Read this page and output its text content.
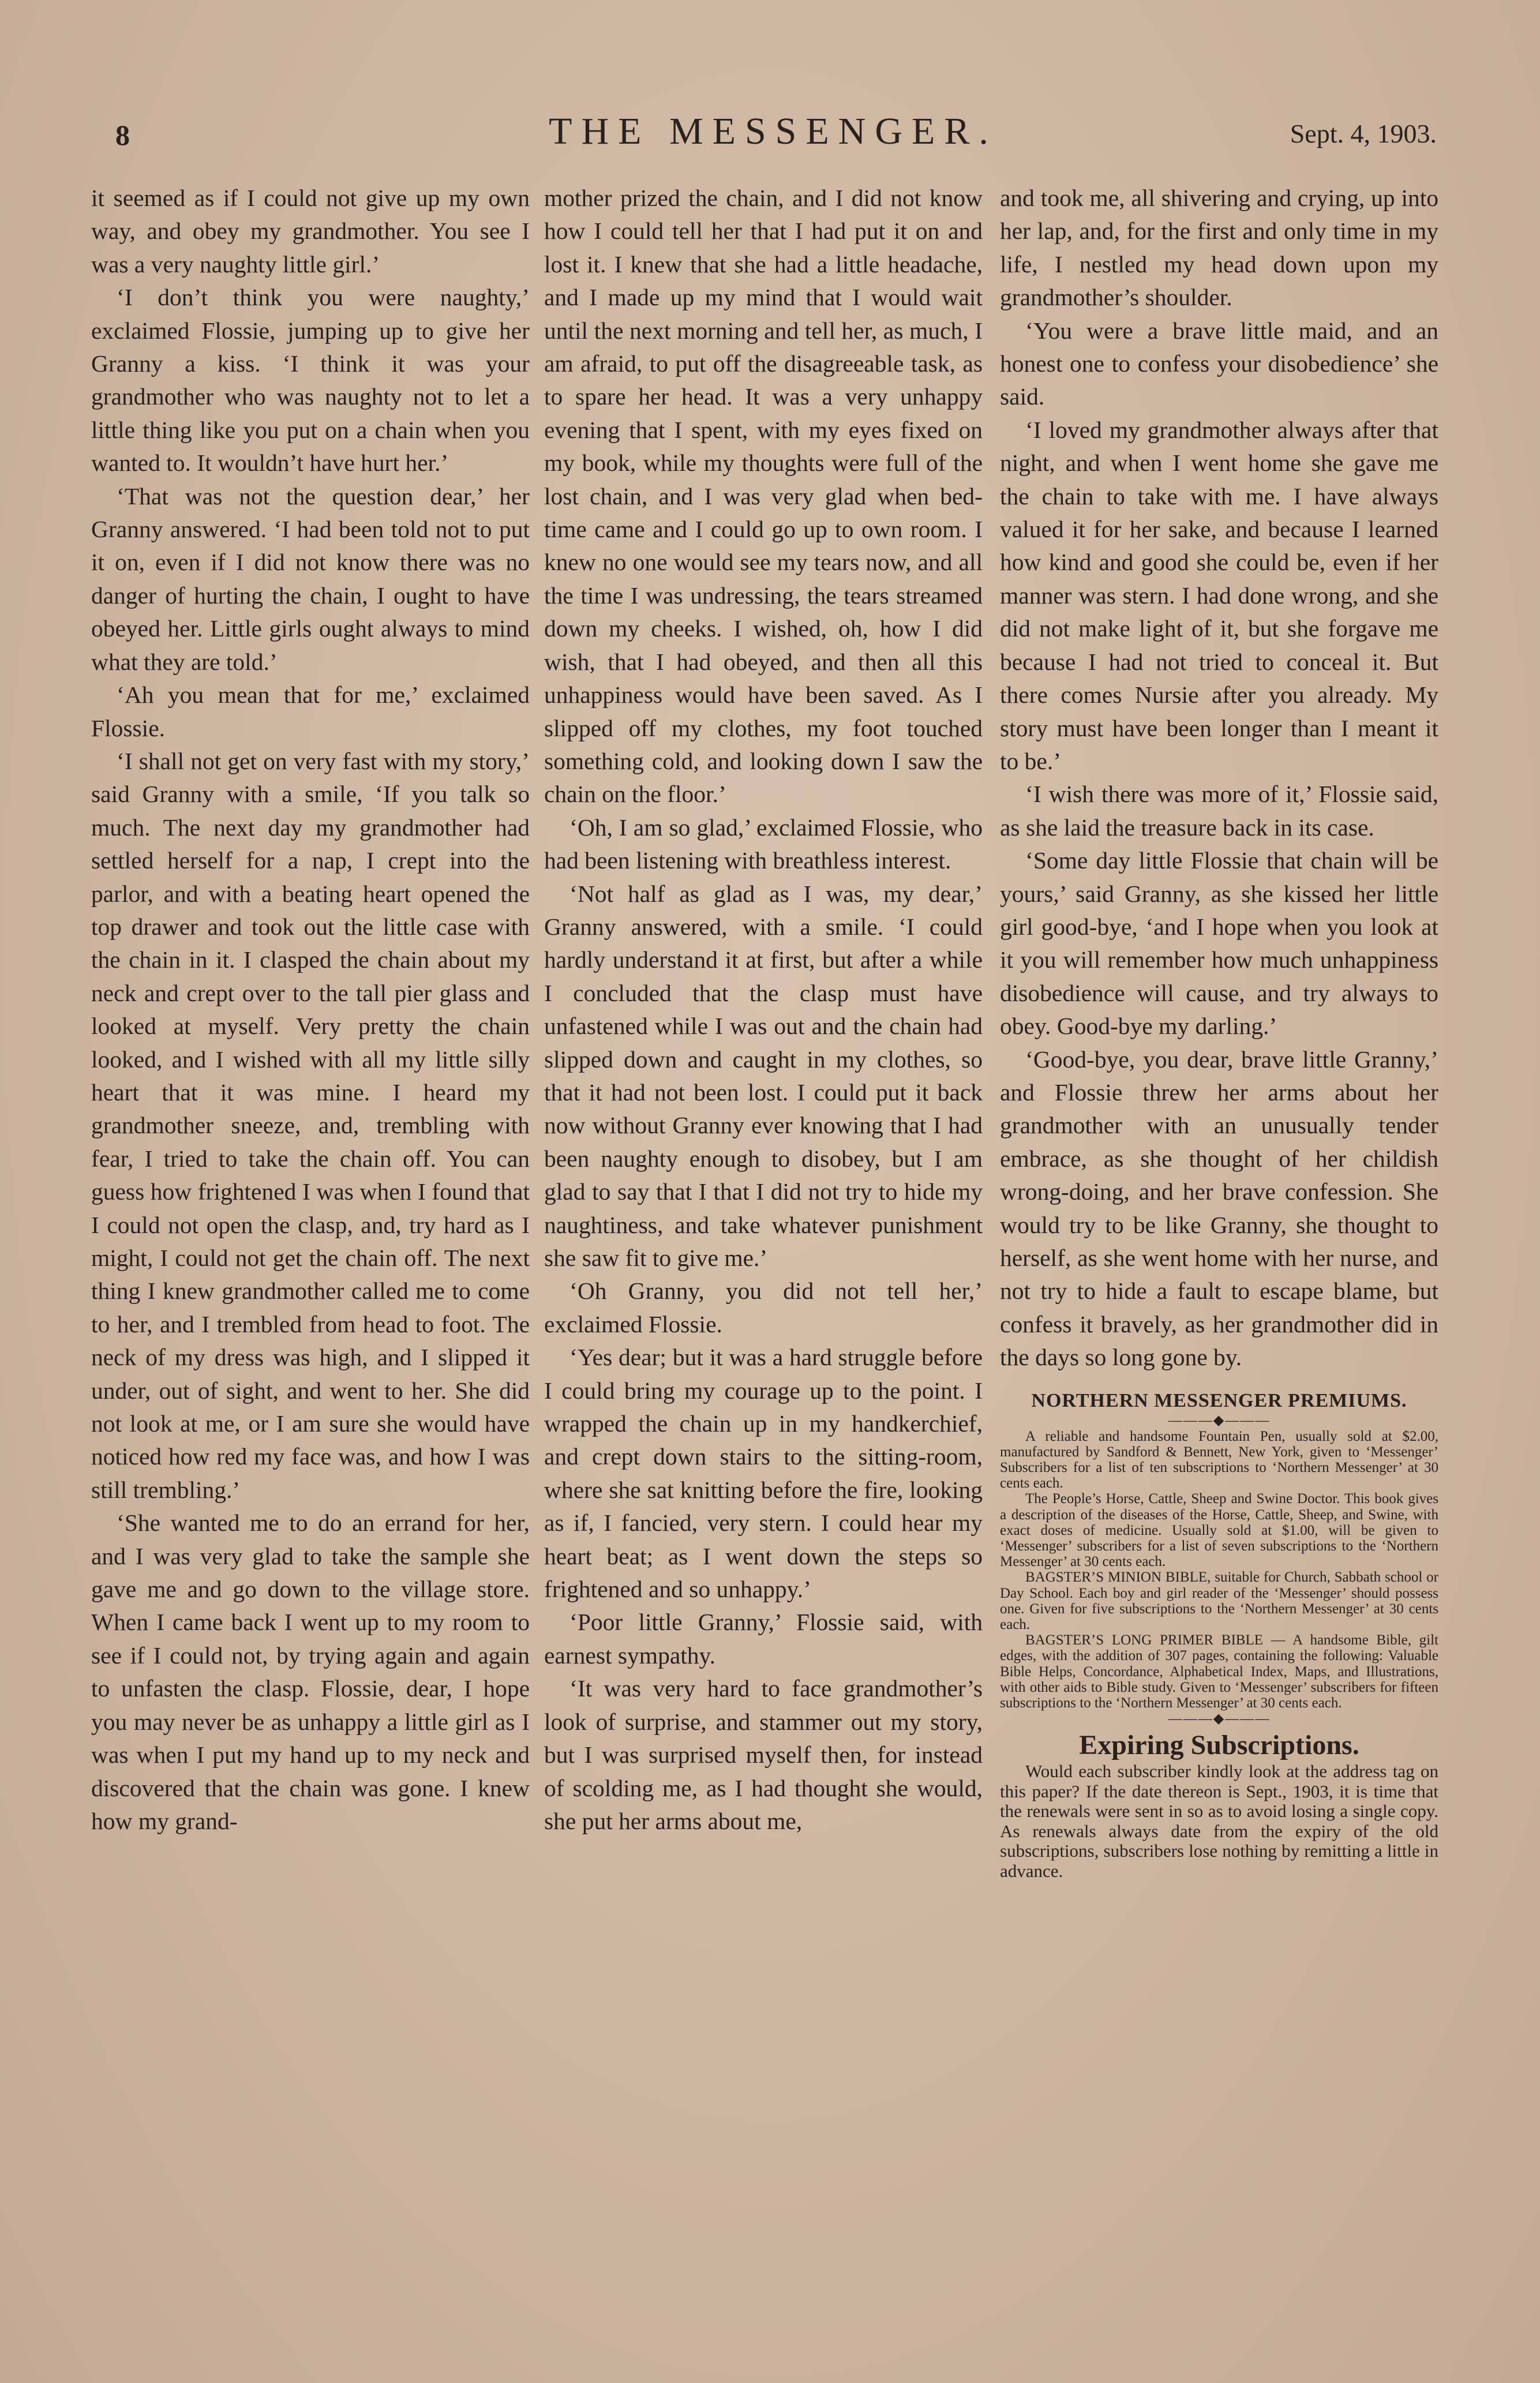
8	THE MESSENGER.	Sept. 4, 1903.

it seemed as if I could not give up my own way, and obey my grandmother. You see I was a very naughty little girl.’

‘I don’t think you were naughty,’ exclaimed Flossie, jumping up to give her Granny a kiss. ‘I think it was your grandmother who was naughty not to let a little thing like you put on a chain when you wanted to. It wouldn’t have hurt her.’

‘That was not the question dear,’ her Granny answered. ‘I had been told not to put it on, even if I did not know there was no danger of hurting the chain, I ought to have obeyed her. Little girls ought always to mind what they are told.’

‘Ah you mean that for me,’ exclaimed Flossie.

‘I shall not get on very fast with my story,’ said Granny with a smile, ‘If you talk so much. The next day my grandmother had settled herself for a nap, I crept into the parlor, and with a beating heart opened the top drawer and took out the little case with the chain in it. I clasped the chain about my neck and crept over to the tall pier glass and looked at myself. Very pretty the chain looked, and I wished with all my little silly heart that it was mine. I heard my grandmother sneeze, and, trembling with fear, I tried to take the chain off. You can guess how frightened I was when I found that I could not open the clasp, and, try hard as I might, I could not get the chain off. The next thing I knew grandmother called me to come to her, and I trembled from head to foot. The neck of my dress was high, and I slipped it under, out of sight, and went to her. She did not look at me, or I am sure she would have noticed how red my face was, and how I was still trembling.’

‘She wanted me to do an errand for her, and I was very glad to take the sample she gave me and go down to the village store. When I came back I went up to my room to see if I could not, by trying again and again to unfasten the clasp. Flossie, dear, I hope you may never be as unhappy a little girl as I was when I put my hand up to my neck and discovered that the chain was gone. I knew how my grand-

mother prized the chain, and I did not know how I could tell her that I had put it on and lost it. I knew that she had a little headache, and I made up my mind that I would wait until the next morning and tell her, as much, I am afraid, to put off the disagreeable task, as to spare her head. It was a very unhappy evening that I spent, with my eyes fixed on my book, while my thoughts were full of the lost chain, and I was very glad when bed-time came and I could go up to own room. I knew no one would see my tears now, and all the time I was undressing, the tears streamed down my cheeks. I wished, oh, how I did wish, that I had obeyed, and then all this unhappiness would have been saved. As I slipped off my clothes, my foot touched something cold, and looking down I saw the chain on the floor.’

‘Oh, I am so glad,’ exclaimed Flossie, who had been listening with breathless interest.

‘Not half as glad as I was, my dear,’ Granny answered, with a smile. ‘I could hardly understand it at first, but after a while I concluded that the clasp must have unfastened while I was out and the chain had slipped down and caught in my clothes, so that it had not been lost. I could put it back now without Granny ever knowing that I had been naughty enough to disobey, but I am glad to say that I that I did not try to hide my naughtiness, and take whatever punishment she saw fit to give me.’

‘Oh Granny, you did not tell her,’ exclaimed Flossie.

‘Yes dear; but it was a hard struggle before I could bring my courage up to the point. I wrapped the chain up in my handkerchief, and crept down stairs to the sitting-room, where she sat knitting before the fire, looking as if, I fancied, very stern. I could hear my heart beat; as I went down the steps so frightened and so unhappy.’

‘Poor little Granny,’ Flossie said, with earnest sympathy.

‘It was very hard to face grandmother’s look of surprise, and stammer out my story, but I was surprised myself then, for instead of scolding me, as I had thought she would, she put her arms about me,

and took me, all shivering and crying, up into her lap, and, for the first and only time in my life, I nestled my head down upon my grandmother’s shoulder.

‘You were a brave little maid, and an honest one to confess your disobedience’ she said.

‘I loved my grandmother always after that night, and when I went home she gave me the chain to take with me. I have always valued it for her sake, and because I learned how kind and good she could be, even if her manner was stern. I had done wrong, and she did not make light of it, but she forgave me because I had not tried to conceal it. But there comes Nursie after you already. My story must have been longer than I meant it to be.’

‘I wish there was more of it,’ Flossie said, as she laid the treasure back in its case.

‘Some day little Flossie that chain will be yours,’ said Granny, as she kissed her little girl good-bye, ‘and I hope when you look at it you will remember how much unhappiness disobedience will cause, and try always to obey. Good-bye my darling.’

‘Good-bye, you dear, brave little Granny,’ and Flossie threw her arms about her grandmother with an unusually tender embrace, as she thought of her childish wrong-doing, and her brave confession. She would try to be like Granny, she thought to herself, as she went home with her nurse, and not try to hide a fault to escape blame, but confess it bravely, as her grandmother did in the days so long gone by.

NORTHERN MESSENGER PREMIUMS.
———◆———

A reliable and handsome Fountain Pen, usually sold at $2.00, manufactured by Sandford & Bennett, New York, given to ‘Messenger’ Subscribers for a list of ten subscriptions to ‘Northern Messenger’ at 30 cents each.

The People’s Horse, Cattle, Sheep and Swine Doctor. This book gives a description of the diseases of the Horse, Cattle, Sheep, and Swine, with exact doses of medicine. Usually sold at $1.00, will be given to ‘Messenger’ subscribers for a list of seven subscriptions to the ‘Northern Messenger’ at 30 cents each.

BAGSTER’S MINION BIBLE, suitable for Church, Sabbath school or Day School. Each boy and girl reader of the ‘Messenger’ should possess one. Given for five subscriptions to the ‘Northern Messenger’ at 30 cents each.

BAGSTER’S LONG PRIMER BIBLE — A handsome Bible, gilt edges, with the addition of 307 pages, containing the following: Valuable Bible Helps, Concordance, Alphabetical Index, Maps, and Illustrations, with other aids to Bible study. Given to ‘Messenger’ subscribers for fifteen subscriptions to the ‘Northern Messenger’ at 30 cents each.

———◆———
Expiring Subscriptions.

Would each subscriber kindly look at the address tag on this paper? If the date thereon is Sept., 1903, it is time that the renewals were sent in so as to avoid losing a single copy. As renewals always date from the expiry of the old subscriptions, subscribers lose nothing by remitting a little in advance.
